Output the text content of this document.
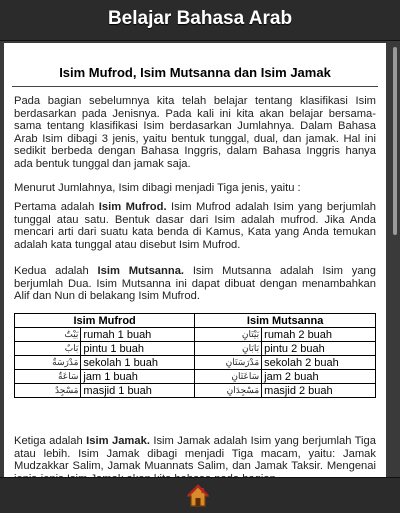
Belajar Bahasa Arab
Isim Mufrod, Isim Mutsanna dan Isim Jamak
Pada bagian sebelumnya kita telah belajar tentang klasifikasi Isim berdasarkan pada Jenisnya. Pada kali ini kita akan belajar bersama-sama tentang klasifikasi Isim berdasarkan Jumlahnya. Dalam Bahasa Arab Isim dibagi 3 jenis, yaitu bentuk tunggal, dual, dan jamak. Hal ini sedikit berbeda dengan Bahasa Inggris, dalam Bahasa Inggris hanya ada bentuk tunggal dan jamak saja.
Menurut Jumlahnya, Isim dibagi menjadi Tiga jenis, yaitu :
Pertama adalah Isim Mufrod. Isim Mufrod adalah Isim yang berjumlah tunggal atau satu. Bentuk dasar dari Isim adalah mufrod. Jika Anda mencari arti dari suatu kata benda di Kamus, Kata yang Anda temukan adalah kata tunggal atau disebut Isim Mufrod.
Kedua adalah Isim Mutsanna. Isim Mutsanna adalah Isim yang berjumlah Dua. Isim Mutsanna ini dapat dibuat dengan menambahkan Alif dan Nun di belakang Isim Mufrod.
Isim Mufrod		Isim Mutsanna	
بَيْتٌ	rumah 1 buah	بَيْتَانِ	rumah 2 buah
بَابٌ	pintu 1 buah	بَابَانِ	pintu 2 buah
مَدْرَسَةٌ	sekolah 1 buah	مَدْرَسَتَانِ	sekolah 2 buah
سَاعَةٌ	jam 1 buah	سَاعَتَانِ	jam 2 buah
مَسْجِدٌ	masjid 1 buah	مَسْجِدَانِ	masjid 2 buah
Ketiga adalah Isim Jamak. Isim Jamak adalah Isim yang berjumlah Tiga atau lebih. Isim Jamak dibagi menjadi Tiga macam, yaitu: Jamak Mudzakkar Salim, Jamak Muannats Salim, dan Jamak Taksir. Mengenai
